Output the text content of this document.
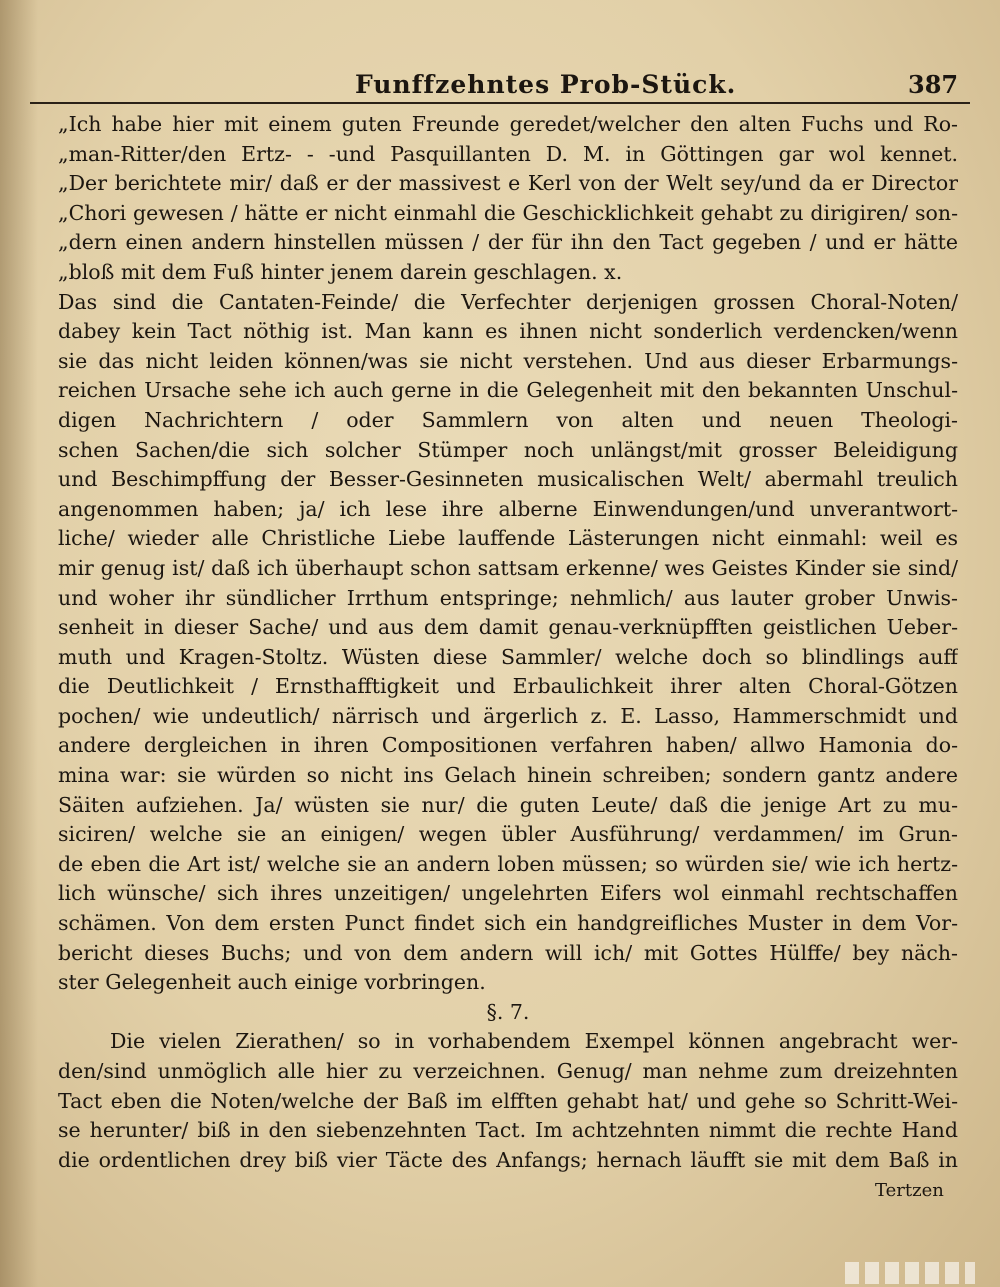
Funffzehntes Prob-Stück.	387
„Ich habe hier mit einem guten Freunde geredet/welcher den alten Fuchs und Ro-
„man-Ritter/den Ertz- - -und Pasquillanten D. M. in Göttingen gar wol kennet.
„Der berichtete mir/ daß er der massivest e Kerl von der Welt sey/und da er Director
„Chori gewesen / hätte er nicht einmahl die Geschicklichkeit gehabt zu dirigiren/ son-
„dern einen andern hinstellen müssen / der für ihn den Tact gegeben / und er hätte
„bloß mit dem Fuß hinter jenem darein geschlagen. x.
Das sind die Cantaten-Feinde/ die Verfechter derjenigen grossen Choral-Noten/
dabey kein Tact nöthig ist. Man kann es ihnen nicht sonderlich verdencken/wenn
sie das nicht leiden können/was sie nicht verstehen. Und aus dieser Erbarmungs-
reichen Ursache sehe ich auch gerne in die Gelegenheit mit den bekannten Unschul-
digen Nachrichtern / oder Sammlern von alten und neuen Theologi-
schen Sachen/die sich solcher Stümper noch unlängst/mit grosser Beleidigung
und Beschimpffung der Besser-Gesinneten musicalischen Welt/ abermahl treulich
angenommen haben; ja/ ich lese ihre alberne Einwendungen/und unverantwort-
liche/ wieder alle Christliche Liebe lauffende Lästerungen nicht einmahl: weil es
mir genug ist/ daß ich überhaupt schon sattsam erkenne/ wes Geistes Kinder sie sind/
und woher ihr sündlicher Irrthum entspringe; nehmlich/ aus lauter grober Unwis-
senheit in dieser Sache/ und aus dem damit genau-verknüpfften geistlichen Ueber-
muth und Kragen-Stoltz. Wüsten diese Sammler/ welche doch so blindlings auff
die Deutlichkeit / Ernsthafftigkeit und Erbaulichkeit ihrer alten Choral-Götzen
pochen/ wie undeutlich/ närrisch und ärgerlich z. E. Lasso, Hammerschmidt und
andere dergleichen in ihren Compositionen verfahren haben/ allwo Hamonia do-
mina war: sie würden so nicht ins Gelach hinein schreiben; sondern gantz andere
Säiten aufziehen. Ja/ wüsten sie nur/ die guten Leute/ daß die jenige Art zu mu-
siciren/ welche sie an einigen/ wegen übler Ausführung/ verdammen/ im Grun-
de eben die Art ist/ welche sie an andern loben müssen; so würden sie/ wie ich hertz-
lich wünsche/ sich ihres unzeitigen/ ungelehrten Eifers wol einmahl rechtschaffen
schämen. Von dem ersten Punct findet sich ein handgreifliches Muster in dem Vor-
bericht dieses Buchs; und von dem andern will ich/ mit Gottes Hülffe/ bey näch-
ster Gelegenheit auch einige vorbringen.
§. 7.
Die vielen Zierathen/ so in vorhabendem Exempel können angebracht wer-
den/sind unmöglich alle hier zu verzeichnen. Genug/ man nehme zum dreizehnten
Tact eben die Noten/welche der Baß im elfften gehabt hat/ und gehe so Schritt-Wei-
se herunter/ biß in den siebenzehnten Tact. Im achtzehnten nimmt die rechte Hand
die ordentlichen drey biß vier Täcte des Anfangs; hernach läufft sie mit dem Baß in
Tertzen
